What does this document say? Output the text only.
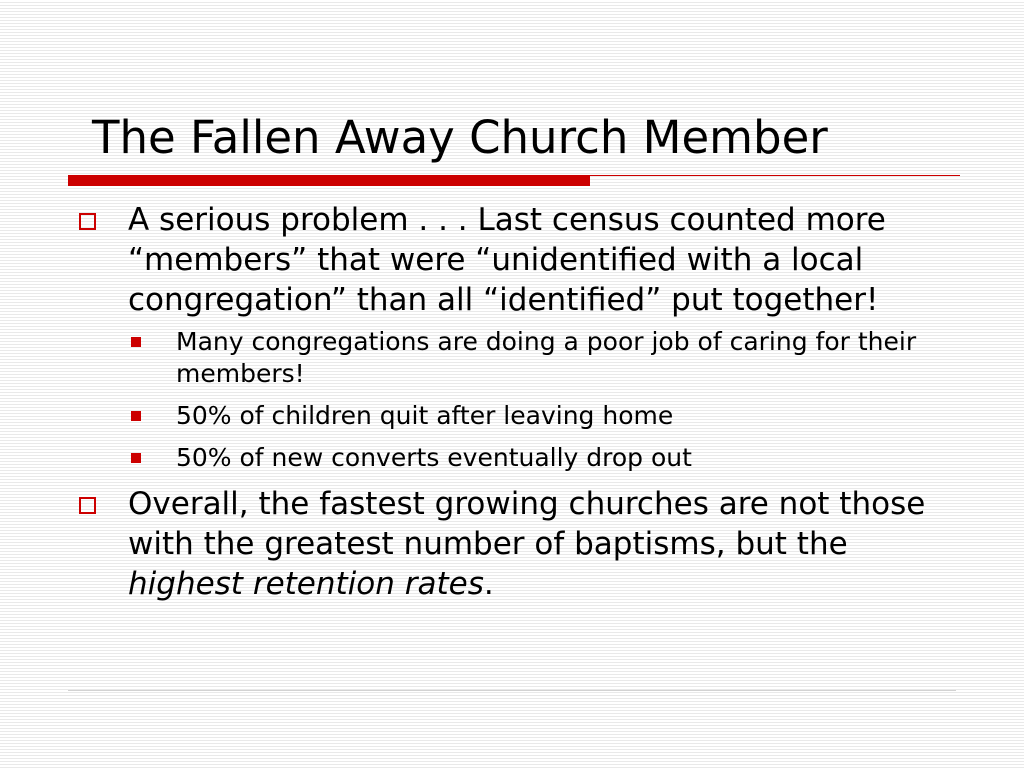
The Fallen Away Church Member
A serious problem . . . Last census counted more “members” that were “unidentified with a local congregation” than all “identified” put together!
Many congregations are doing a poor job of caring for their members!
50% of children quit after leaving home
50% of new converts eventually drop out
Overall, the fastest growing churches are not those with the greatest number of baptisms, but the highest retention rates.
